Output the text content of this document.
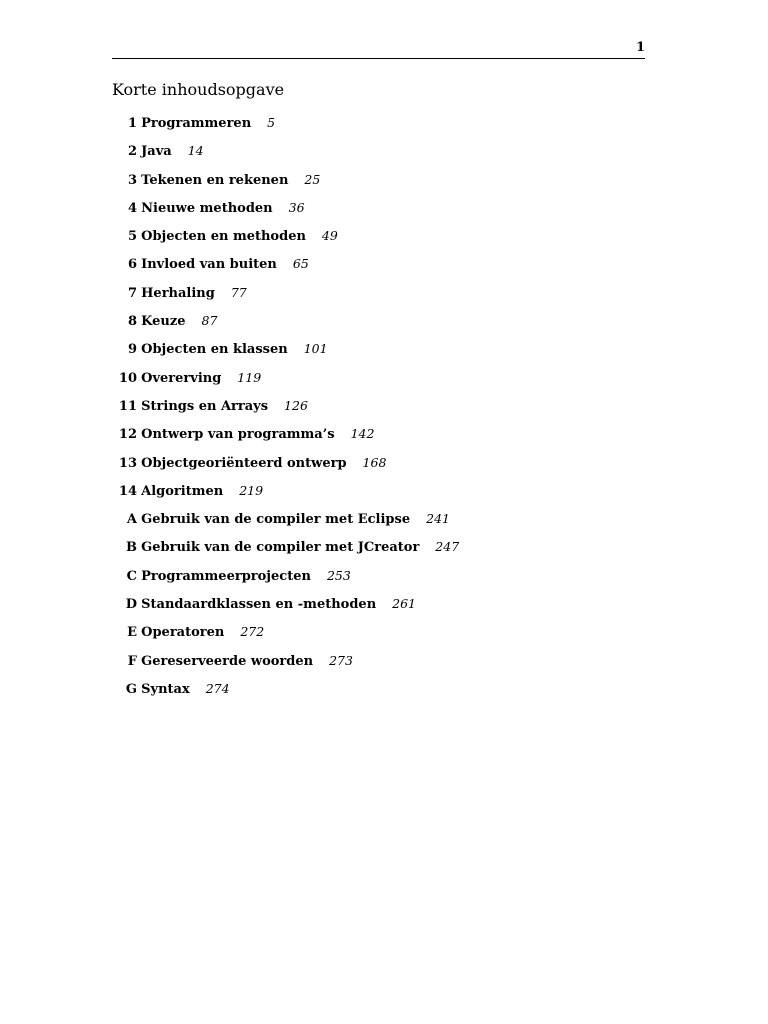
1
Korte inhoudsopgave
1 Programmeren 5
2 Java 14
3 Tekenen en rekenen 25
4 Nieuwe methoden 36
5 Objecten en methoden 49
6 Invloed van buiten 65
7 Herhaling 77
8 Keuze 87
9 Objecten en klassen 101
10 Overerving 119
11 Strings en Arrays 126
12 Ontwerp van programma’s 142
13 Objectgeoriënteerd ontwerp 168
14 Algoritmen 219
A Gebruik van de compiler met Eclipse 241
B Gebruik van de compiler met JCreator 247
C Programmeerprojecten 253
D Standaardklassen en -methoden 261
E Operatoren 272
F Gereserveerde woorden 273
G Syntax 274
